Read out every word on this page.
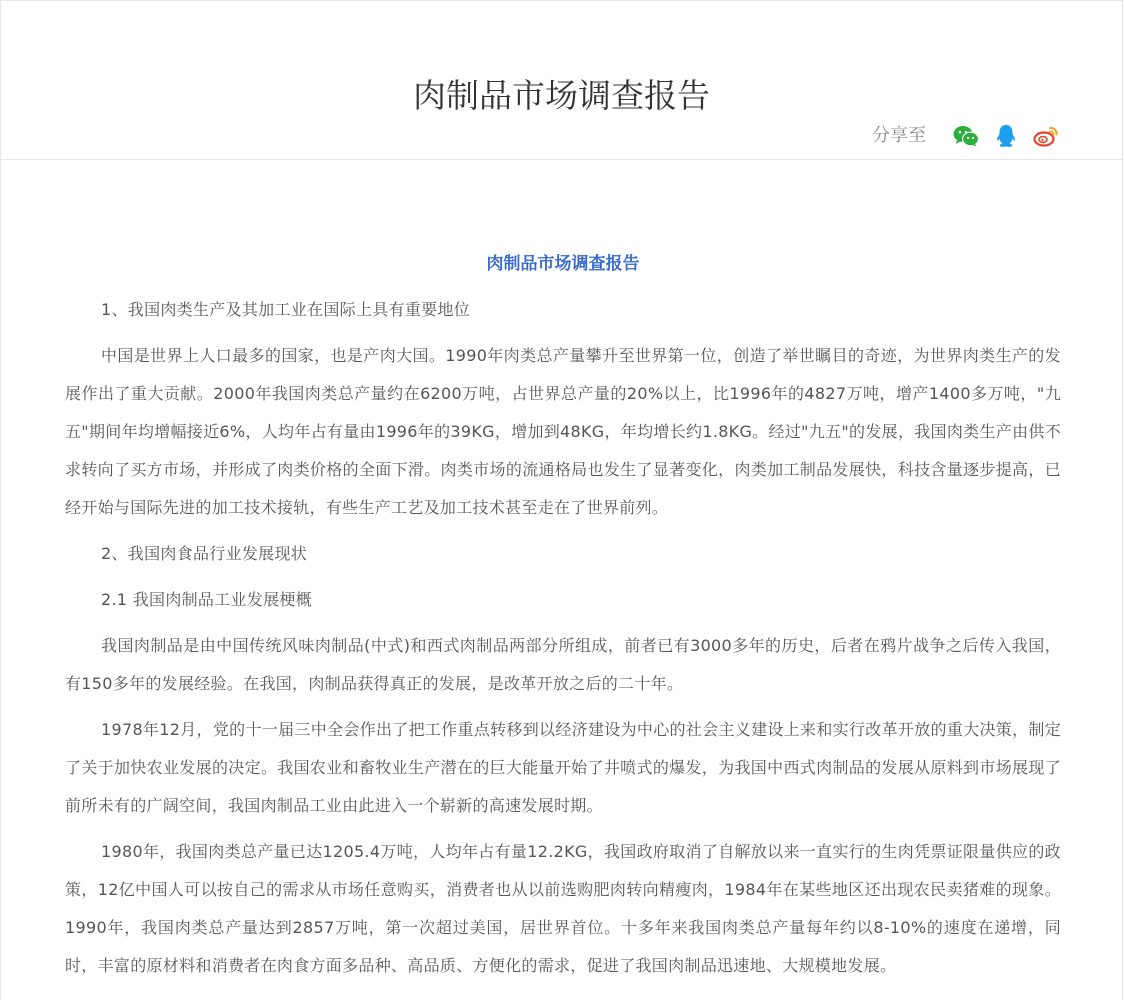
肉制品市场调查报告
分享至
肉制品市场调查报告

1、我国肉类生产及其加工业在国际上具有重要地位

中国是世界上人口最多的国家，也是产肉大国。1990年肉类总产量攀升至世界第一位，创造了举世瞩目的奇迹，为世界肉类生产的发展作出了重大贡献。2000年我国肉类总产量约在6200万吨，占世界总产量的20%以上，比1996年的4827万吨，增产1400多万吨，"九五"期间年均增幅接近6%，人均年占有量由1996年的39KG，增加到48KG，年均增长约1.8KG。经过"九五"的发展，我国肉类生产由供不求转向了买方市场，并形成了肉类价格的全面下滑。肉类市场的流通格局也发生了显著变化，肉类加工制品发展快，科技含量逐步提高，已经开始与国际先进的加工技术接轨，有些生产工艺及加工技术甚至走在了世界前列。

2、我国肉食品行业发展现状

2.1 我国肉制品工业发展梗概

我国肉制品是由中国传统风味肉制品(中式)和西式肉制品两部分所组成，前者已有3000多年的历史，后者在鸦片战争之后传入我国，有150多年的发展经验。在我国，肉制品获得真正的发展，是改革开放之后的二十年。

1978年12月，党的十一届三中全会作出了把工作重点转移到以经济建设为中心的社会主义建设上来和实行改革开放的重大决策，制定了关于加快农业发展的决定。我国农业和畜牧业生产潜在的巨大能量开始了井喷式的爆发，为我国中西式肉制品的发展从原料到市场展现了前所未有的广阔空间，我国肉制品工业由此进入一个崭新的高速发展时期。

1980年，我国肉类总产量已达1205.4万吨，人均年占有量12.2KG，我国政府取消了自解放以来一直实行的生肉凭票证限量供应的政策，12亿中国人可以按自己的需求从市场任意购买，消费者也从以前选购肥肉转向精瘦肉，1984年在某些地区还出现农民卖猪难的现象。1990年，我国肉类总产量达到2857万吨，第一次超过美国，居世界首位。十多年来我国肉类总产量每年约以8-10%的速度在递增，同时，丰富的原材料和消费者在肉食方面多品种、高品质、方便化的需求，促进了我国肉制品迅速地、大规模地发展。
